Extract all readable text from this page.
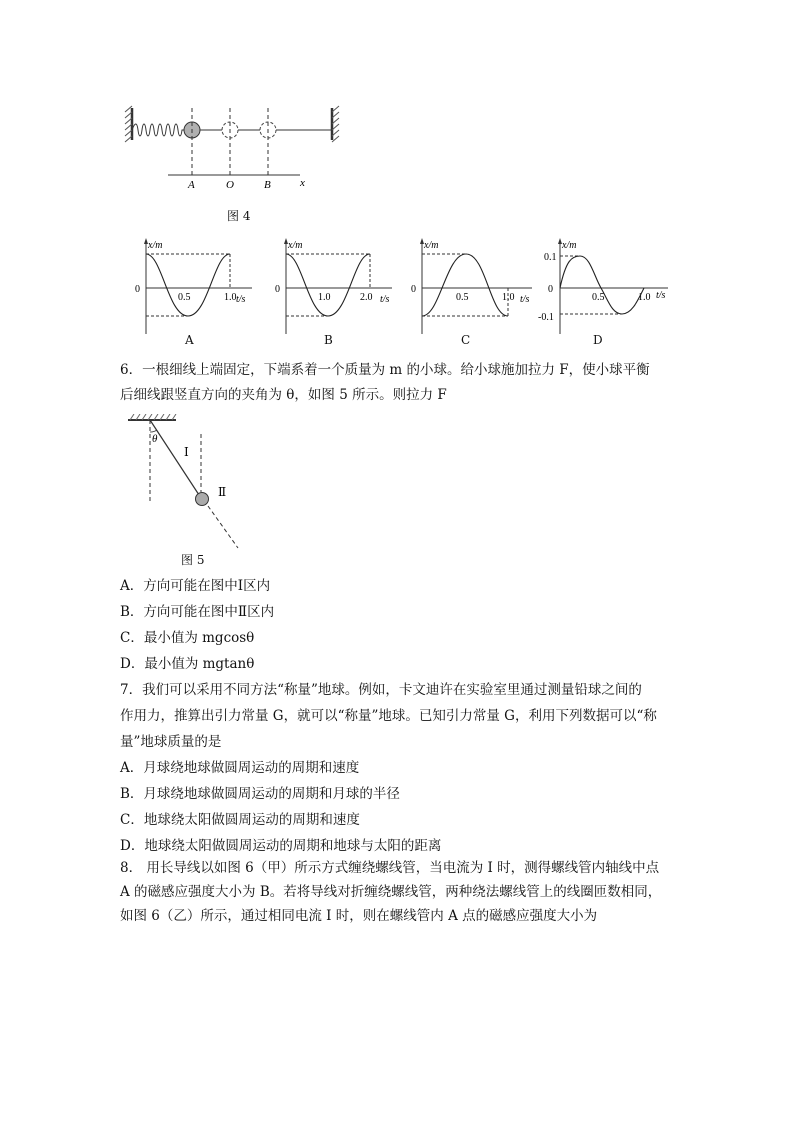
A	O	B	x
图 4
x/m
t/s
0
0.5	1.0
A
x/m
t/s
0
1.0	2.0
B
x/m
t/s
0
0.5	1.0
C
x/m
t/s
0.1
-0.1
0
0.5	1.0
D
6．一根细线上端固定，下端系着一个质量为 m 的小球。给小球施加拉力 F，使小球平衡
后细线跟竖直方向的夹角为 θ，如图 5 所示。则拉力 F
θ
Ⅰ
Ⅱ
图 5
A．方向可能在图中Ⅰ区内
B．方向可能在图中Ⅱ区内
C．最小值为 mgcosθ
D．最小值为 mgtanθ
7．我们可以采用不同方法“称量”地球。例如，卡文迪许在实验室里通过测量铅球之间的
作用力，推算出引力常量 G，就可以“称量”地球。已知引力常量 G，利用下列数据可以“称
量”地球质量的是
A．月球绕地球做圆周运动的周期和速度
B．月球绕地球做圆周运动的周期和月球的半径
C．地球绕太阳做圆周运动的周期和速度
D．地球绕太阳做圆周运动的周期和地球与太阳的距离
8． 用长导线以如图 6（甲）所示方式缠绕螺线管，当电流为 I 时，测得螺线管内轴线中点
A 的磁感应强度大小为 B。若将导线对折缠绕螺线管，两种绕法螺线管上的线圈匝数相同，
如图 6（乙）所示，通过相同电流 I 时，则在螺线管内 A 点的磁感应强度大小为
